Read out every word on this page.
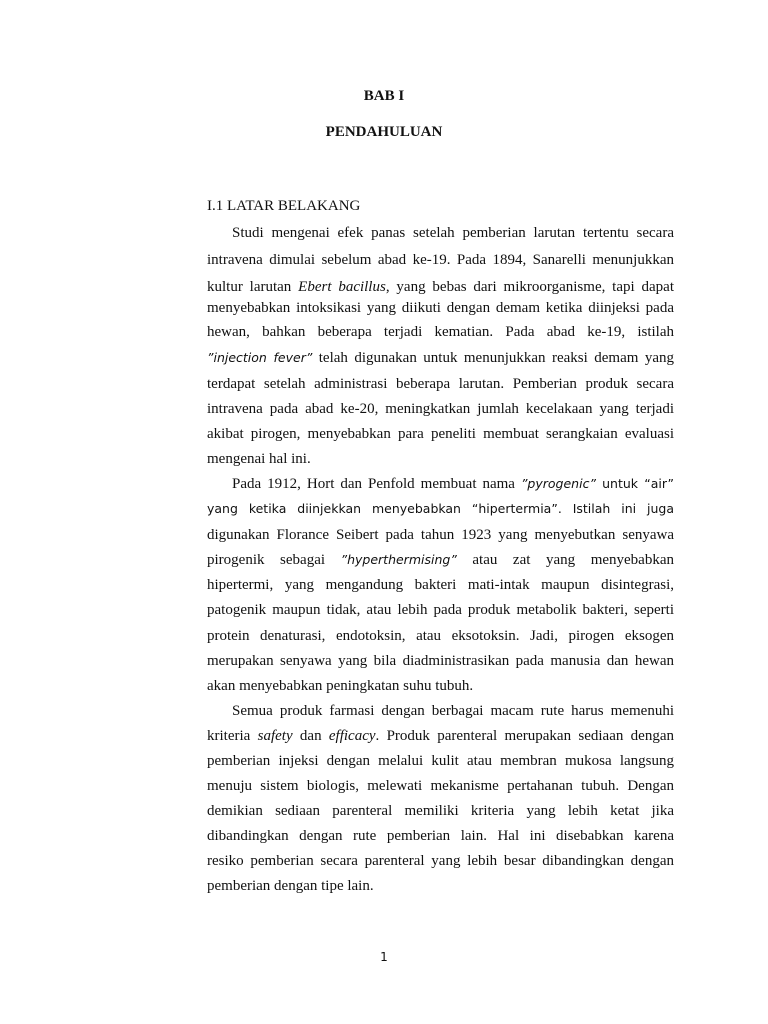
BAB I
PENDAHULUAN
I.1 LATAR BELAKANG
Studi mengenai efek panas setelah pemberian larutan tertentu secara
intravena dimulai sebelum abad ke-19. Pada 1894, Sanarelli menunjukkan
kultur larutan Ebert bacillus, yang bebas dari mikroorganisme, tapi dapat
menyebabkan intoksikasi yang diikuti dengan demam ketika diinjeksi pada
hewan, bahkan beberapa terjadi kematian. Pada abad ke-19, istilah
”injection fever” telah digunakan untuk menunjukkan reaksi demam yang
terdapat setelah administrasi beberapa larutan. Pemberian produk secara
intravena pada abad ke-20, meningkatkan jumlah kecelakaan yang terjadi
akibat pirogen, menyebabkan para peneliti membuat serangkaian evaluasi
mengenai hal ini.
Pada 1912, Hort dan Penfold membuat nama ”pyrogenic” untuk “air”
yang ketika diinjekkan menyebabkan “hipertermia”. Istilah ini juga
digunakan Florance Seibert pada tahun 1923 yang menyebutkan senyawa
pirogenik sebagai ”hyperthermising” atau zat yang menyebabkan
hipertermi, yang mengandung bakteri mati-intak maupun disintegrasi,
patogenik maupun tidak, atau lebih pada produk metabolik bakteri, seperti
protein denaturasi, endotoksin, atau eksotoksin. Jadi, pirogen eksogen
merupakan senyawa yang bila diadministrasikan pada manusia dan hewan
akan menyebabkan peningkatan suhu tubuh.
Semua produk farmasi dengan berbagai macam rute harus memenuhi
kriteria safety dan efficacy. Produk parenteral merupakan sediaan dengan
pemberian injeksi dengan melalui kulit atau membran mukosa langsung
menuju sistem biologis, melewati mekanisme pertahanan tubuh. Dengan
demikian sediaan parenteral memiliki kriteria yang lebih ketat jika
dibandingkan dengan rute pemberian lain. Hal ini disebabkan karena
resiko pemberian secara parenteral yang lebih besar dibandingkan dengan
pemberian dengan tipe lain.
1
